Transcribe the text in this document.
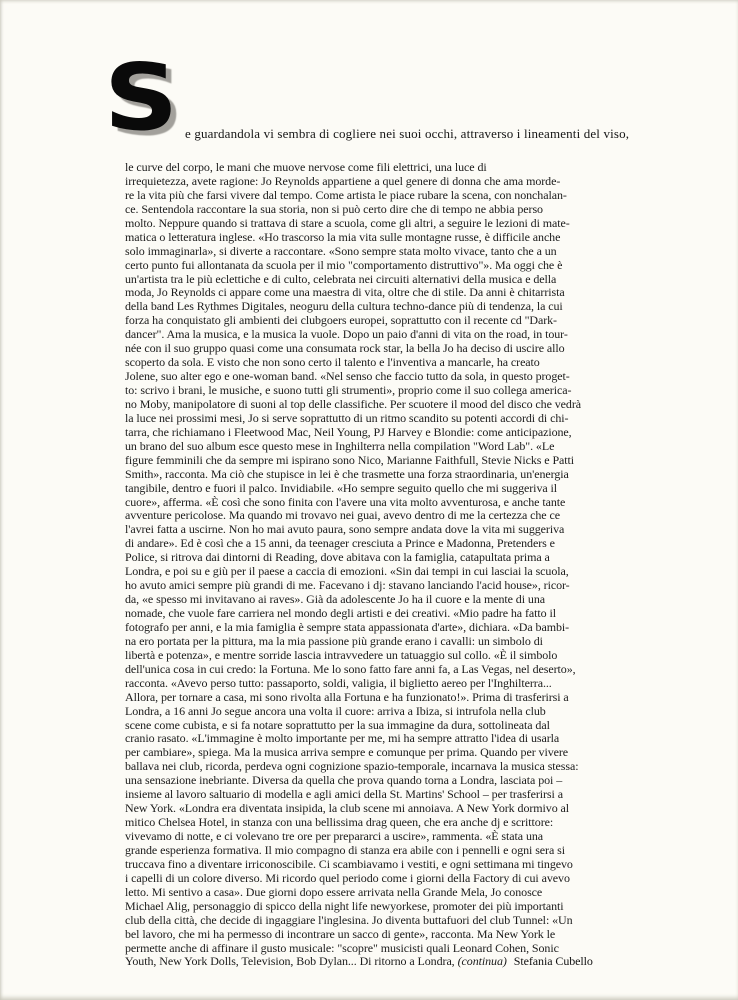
S e guardandola vi sembra di cogliere nei suoi occhi, attraverso i lineamenti del viso,
le curve del corpo, le mani che muove nervose come fili elettrici, una luce di
irrequietezza, avete ragione: Jo Reynolds appartiene a quel genere di donna che ama morde-
re la vita più che farsi vivere dal tempo. Come artista le piace rubare la scena, con nonchalan-
ce. Sentendola raccontare la sua storia, non si può certo dire che di tempo ne abbia perso
molto. Neppure quando si trattava di stare a scuola, come gli altri, a seguire le lezioni di mate-
matica o letteratura inglese. «Ho trascorso la mia vita sulle montagne russe, è difficile anche
solo immaginarla», si diverte a raccontare. «Sono sempre stata molto vivace, tanto che a un
certo punto fui allontanata da scuola per il mio "comportamento distruttivo"». Ma oggi che è
un'artista tra le più eclettiche e di culto, celebrata nei circuiti alternativi della musica e della
moda, Jo Reynolds ci appare come una maestra di vita, oltre che di stile. Da anni è chitarrista
della band Les Rythmes Digitales, neoguru della cultura techno-dance più di tendenza, la cui
forza ha conquistato gli ambienti dei clubgoers europei, soprattutto con il recente cd "Dark-
dancer". Ama la musica, e la musica la vuole. Dopo un paio d'anni di vita on the road, in tour-
née con il suo gruppo quasi come una consumata rock star, la bella Jo ha deciso di uscire allo
scoperto da sola. E visto che non sono certo il talento e l'inventiva a mancarle, ha creato
Jolene, suo alter ego e one-woman band. «Nel senso che faccio tutto da sola, in questo proget-
to: scrivo i brani, le musiche, e suono tutti gli strumenti», proprio come il suo collega america-
no Moby, manipolatore di suoni al top delle classifiche. Per scuotere il mood del disco che vedrà
la luce nei prossimi mesi, Jo si serve soprattutto di un ritmo scandito su potenti accordi di chi-
tarra, che richiamano i Fleetwood Mac, Neil Young, PJ Harvey e Blondie: come anticipazione,
un brano del suo album esce questo mese in Inghilterra nella compilation "Word Lab". «Le
figure femminili che da sempre mi ispirano sono Nico, Marianne Faithfull, Stevie Nicks e Patti
Smith», racconta. Ma ciò che stupisce in lei è che trasmette una forza straordinaria, un'energia
tangibile, dentro e fuori il palco. Invidiabile. «Ho sempre seguito quello che mi suggeriva il
cuore», afferma. «È così che sono finita con l'avere una vita molto avventurosa, e anche tante
avventure pericolose. Ma quando mi trovavo nei guai, avevo dentro di me la certezza che ce
l'avrei fatta a uscirne. Non ho mai avuto paura, sono sempre andata dove la vita mi suggeriva
di andare». Ed è così che a 15 anni, da teenager cresciuta a Prince e Madonna, Pretenders e
Police, si ritrova dai dintorni di Reading, dove abitava con la famiglia, catapultata prima a
Londra, e poi su e giù per il paese a caccia di emozioni. «Sin dai tempi in cui lasciai la scuola,
ho avuto amici sempre più grandi di me. Facevano i dj: stavano lanciando l'acid house», ricor-
da, «e spesso mi invitavano ai raves». Già da adolescente Jo ha il cuore e la mente di una
nomade, che vuole fare carriera nel mondo degli artisti e dei creativi. «Mio padre ha fatto il
fotografo per anni, e la mia famiglia è sempre stata appassionata d'arte», dichiara. «Da bambi-
na ero portata per la pittura, ma la mia passione più grande erano i cavalli: un simbolo di
libertà e potenza», e mentre sorride lascia intravvedere un tatuaggio sul collo. «È il simbolo
dell'unica cosa in cui credo: la Fortuna. Me lo sono fatto fare anni fa, a Las Vegas, nel deserto»,
racconta. «Avevo perso tutto: passaporto, soldi, valigia, il biglietto aereo per l'Inghilterra...
Allora, per tornare a casa, mi sono rivolta alla Fortuna e ha funzionato!». Prima di trasferirsi a
Londra, a 16 anni Jo segue ancora una volta il cuore: arriva a Ibiza, si intrufola nella club
scene come cubista, e si fa notare soprattutto per la sua immagine da dura, sottolineata dal
cranio rasato. «L'immagine è molto importante per me, mi ha sempre attratto l'idea di usarla
per cambiare», spiega. Ma la musica arriva sempre e comunque per prima. Quando per vivere
ballava nei club, ricorda, perdeva ogni cognizione spazio-temporale, incarnava la musica stessa:
una sensazione inebriante. Diversa da quella che prova quando torna a Londra, lasciata poi –
insieme al lavoro saltuario di modella e agli amici della St. Martins' School – per trasferirsi a
New York. «Londra era diventata insipida, la club scene mi annoiava. A New York dormivo al
mitico Chelsea Hotel, in stanza con una bellissima drag queen, che era anche dj e scrittore:
vivevamo di notte, e ci volevano tre ore per prepararci a uscire», rammenta. «È stata una
grande esperienza formativa. Il mio compagno di stanza era abile con i pennelli e ogni sera si
truccava fino a diventare irriconoscibile. Ci scambiavamo i vestiti, e ogni settimana mi tingevo
i capelli di un colore diverso. Mi ricordo quel periodo come i giorni della Factory di cui avevo
letto. Mi sentivo a casa». Due giorni dopo essere arrivata nella Grande Mela, Jo conosce
Michael Alig, personaggio di spicco della night life newyorkese, promoter dei più importanti
club della città, che decide di ingaggiare l'inglesina. Jo diventa buttafuori del club Tunnel: «Un
bel lavoro, che mi ha permesso di incontrare un sacco di gente», racconta. Ma New York le
permette anche di affinare il gusto musicale: "scopre" musicisti quali Leonard Cohen, Sonic
Youth, New York Dolls, Television, Bob Dylan... Di ritorno a Londra, (continua) Stefania Cubello
